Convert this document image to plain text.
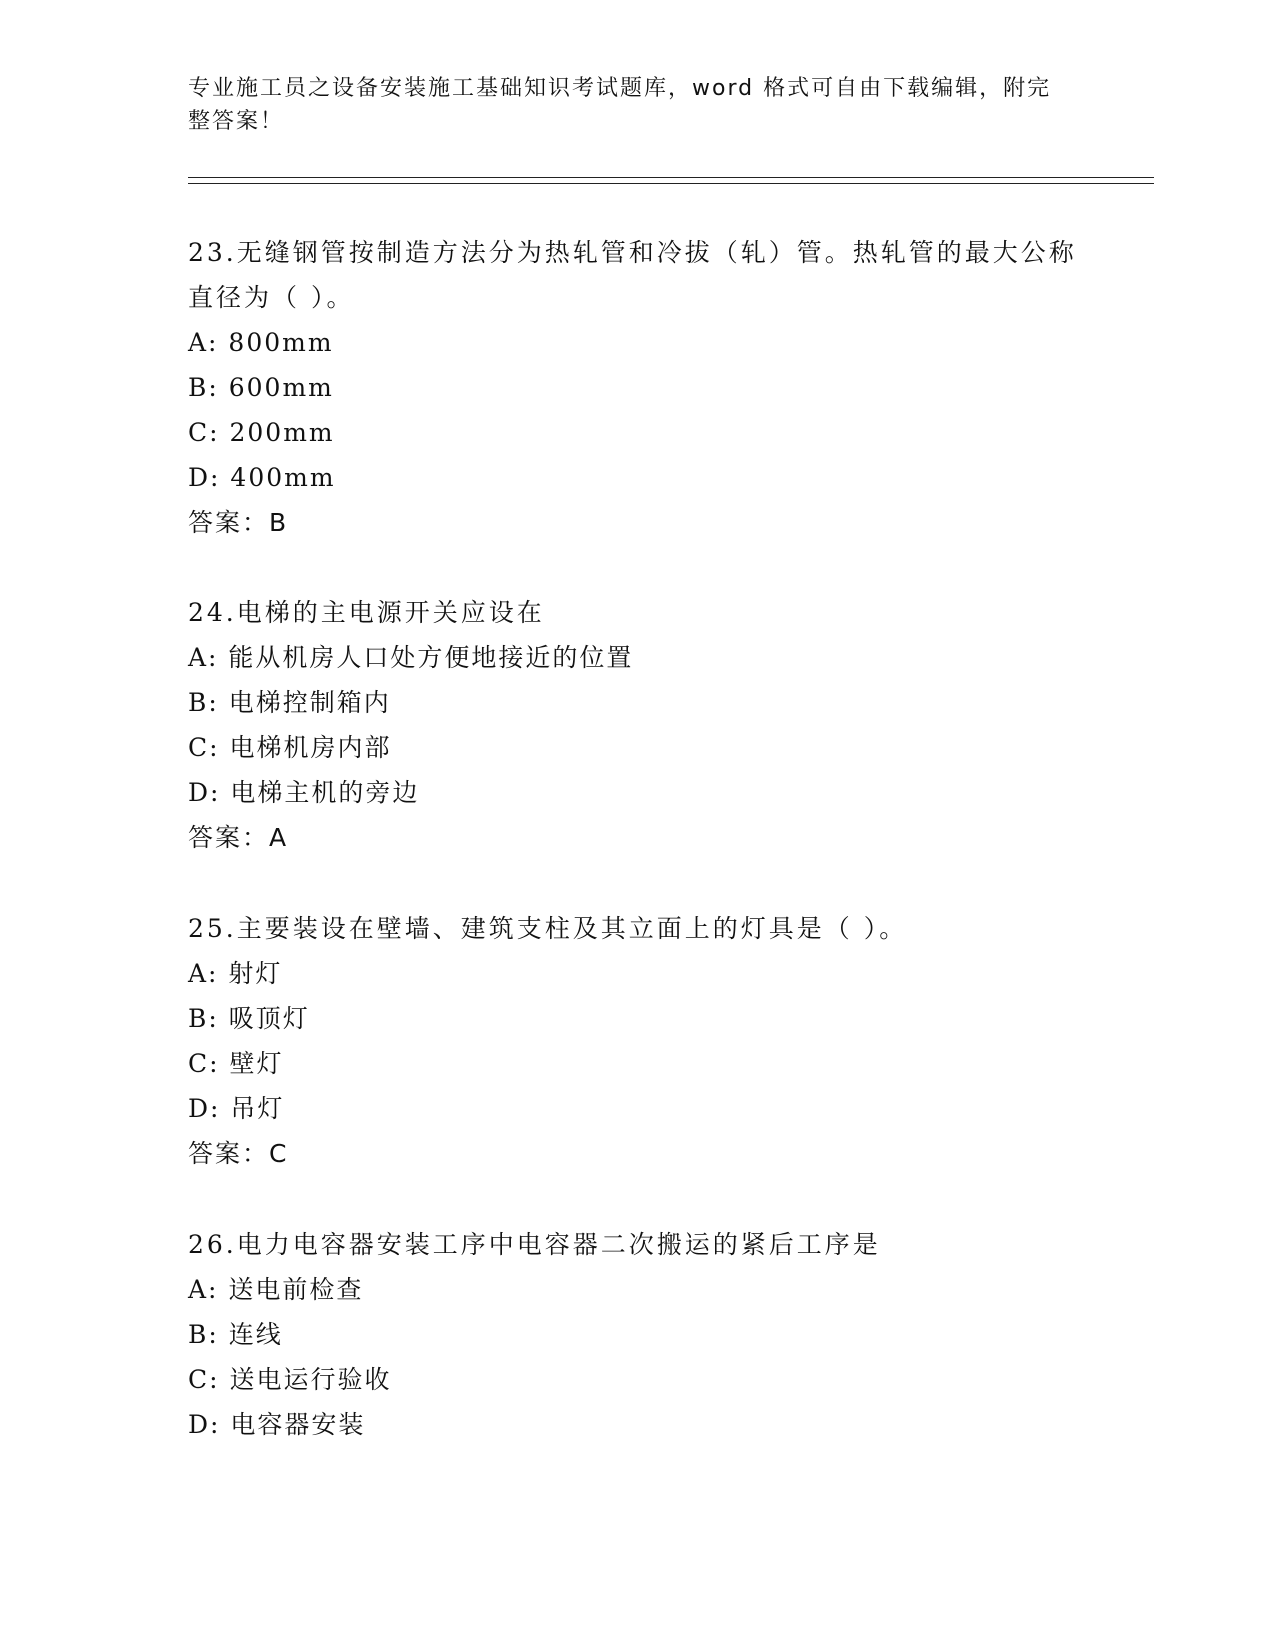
专业施工员之设备安装施工基础知识考试题库，word 格式可自由下载编辑，附完整答案！
23.无缝钢管按制造方法分为热轧管和冷拔（轧）管。热轧管的最大公称直径为（ ）。
A: 800mm
B: 600mm
C: 200mm
D: 400mm
答案：B
24.电梯的主电源开关应设在
A: 能从机房人口处方便地接近的位置
B: 电梯控制箱内
C: 电梯机房内部
D: 电梯主机的旁边
答案：A
25.主要装设在壁墙、建筑支柱及其立面上的灯具是（ ）。
A: 射灯
B: 吸顶灯
C: 壁灯
D: 吊灯
答案：C
26.电力电容器安装工序中电容器二次搬运的紧后工序是
A: 送电前检查
B: 连线
C: 送电运行验收
D: 电容器安装
